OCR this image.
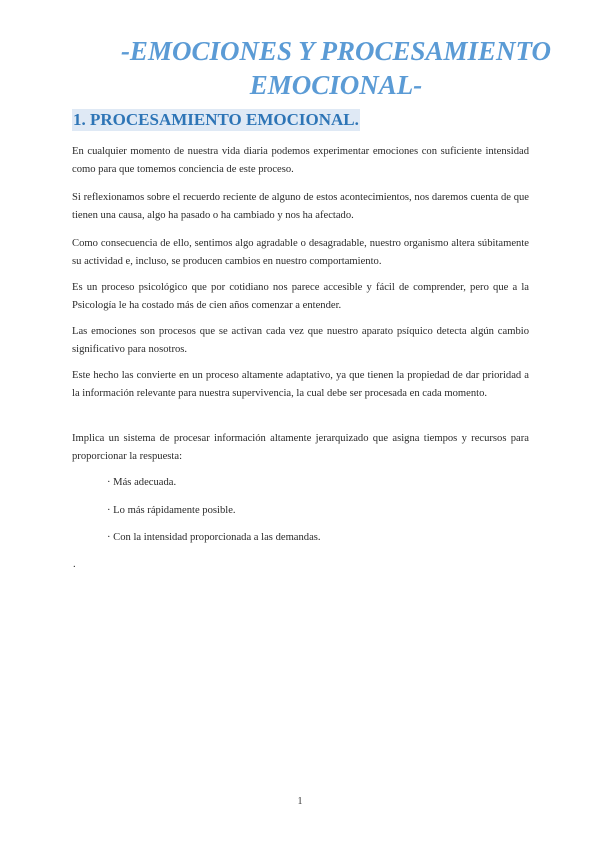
-EMOCIONES Y PROCESAMIENTO EMOCIONAL-
1. PROCESAMIENTO EMOCIONAL.

En cualquier momento de nuestra vida diaria podemos experimentar emociones con suficiente intensidad como para que tomemos conciencia de este proceso.

Si reflexionamos sobre el recuerdo reciente de alguno de estos acontecimientos, nos daremos cuenta de que tienen una causa, algo ha pasado o ha cambiado y nos ha afectado.

Como consecuencia de ello, sentimos algo agradable o desagradable, nuestro organismo altera súbitamente su actividad e, incluso, se producen cambios en nuestro comportamiento.

Es un proceso psicológico que por cotidiano nos parece accesible y fácil de comprender, pero que a la Psicología le ha costado más de cien años comenzar a entender.

Las emociones son procesos que se activan cada vez que nuestro aparato psíquico detecta algún cambio significativo para nosotros.

Este hecho las convierte en un proceso altamente adaptativo, ya que tienen la propiedad de dar prioridad a la información relevante para nuestra supervivencia, la cual debe ser procesada en cada momento.

Implica un sistema de procesar información altamente jerarquizado que asigna tiempos y recursos para proporcionar la respuesta:

· Más adecuada.

· Lo más rápidamente posible.

· Con la intensidad proporcionada a las demandas.

.

1
